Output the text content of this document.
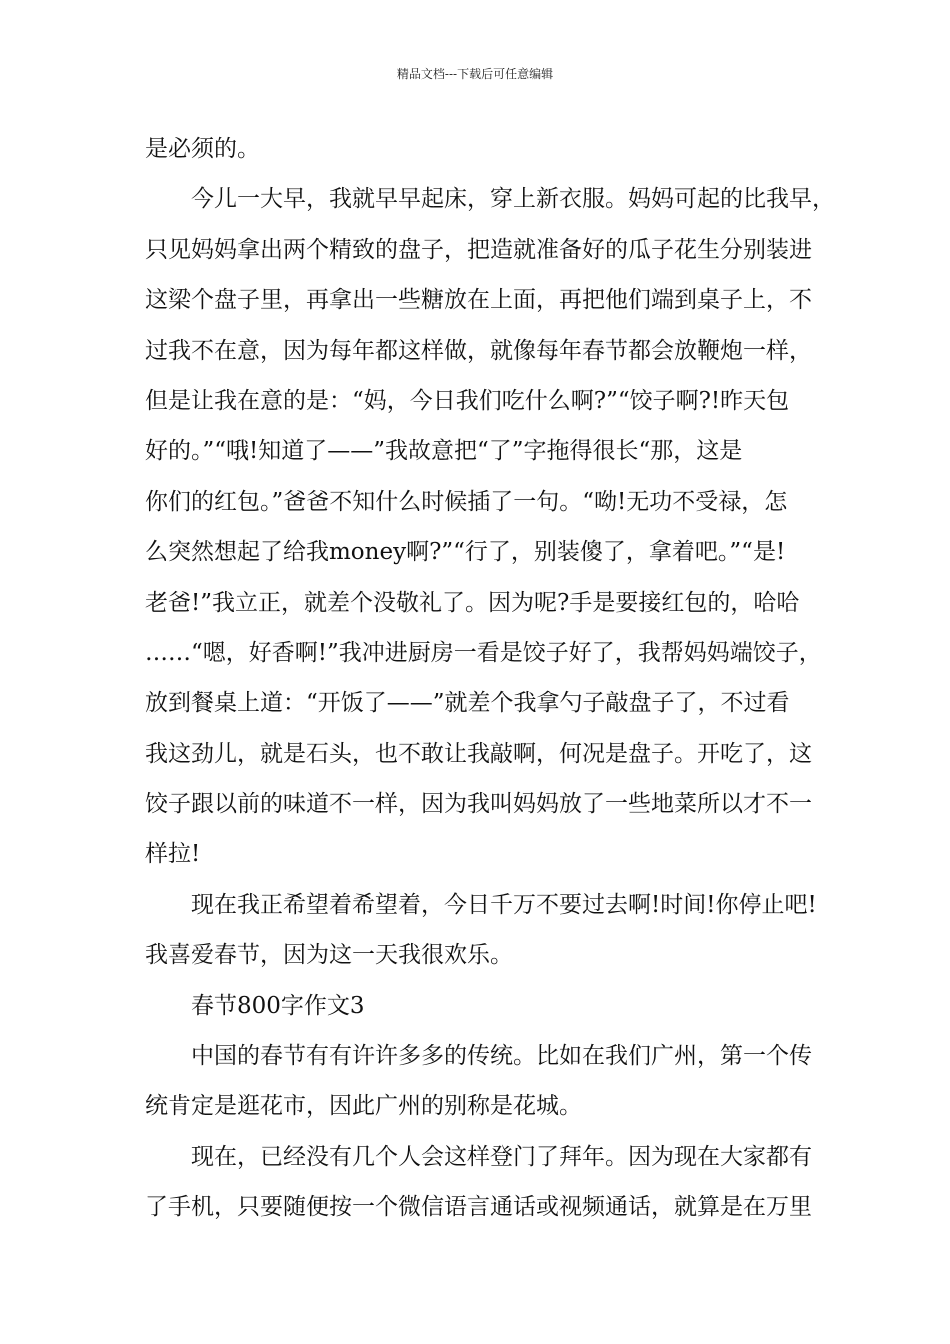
精品文档---下载后可任意编辑
是必须的。
今儿一大早，我就早早起床，穿上新衣服。妈妈可起的比我早，
只见妈妈拿出两个精致的盘子，把造就准备好的瓜子花生分别装进
这梁个盘子里，再拿出一些糖放在上面，再把他们端到桌子上，不
过我不在意，因为每年都这样做，就像每年春节都会放鞭炮一样，
但是让我在意的是：“妈，今日我们吃什么啊?”“饺子啊?!昨天包
好的。”“哦!知道了——”我故意把“了”字拖得很长“那，这是
你们的红包。”爸爸不知什么时候插了一句。“呦!无功不受禄，怎
么突然想起了给我money啊?”“行了，别装傻了，拿着吧。”“是!
老爸!”我立正，就差个没敬礼了。因为呢?手是要接红包的，哈哈
……“嗯，好香啊!”我冲进厨房一看是饺子好了，我帮妈妈端饺子，
放到餐桌上道：“开饭了——”就差个我拿勺子敲盘子了，不过看
我这劲儿，就是石头，也不敢让我敲啊，何况是盘子。开吃了，这
饺子跟以前的味道不一样，因为我叫妈妈放了一些地菜所以才不一
样拉!
现在我正希望着希望着，今日千万不要过去啊!时间!你停止吧!
我喜爱春节，因为这一天我很欢乐。
春节800字作文3
中国的春节有有许许多多的传统。比如在我们广州，第一个传
统肯定是逛花市，因此广州的别称是花城。
现在，已经没有几个人会这样登门了拜年。因为现在大家都有
了手机，只要随便按一个微信语言通话或视频通话，就算是在万里
